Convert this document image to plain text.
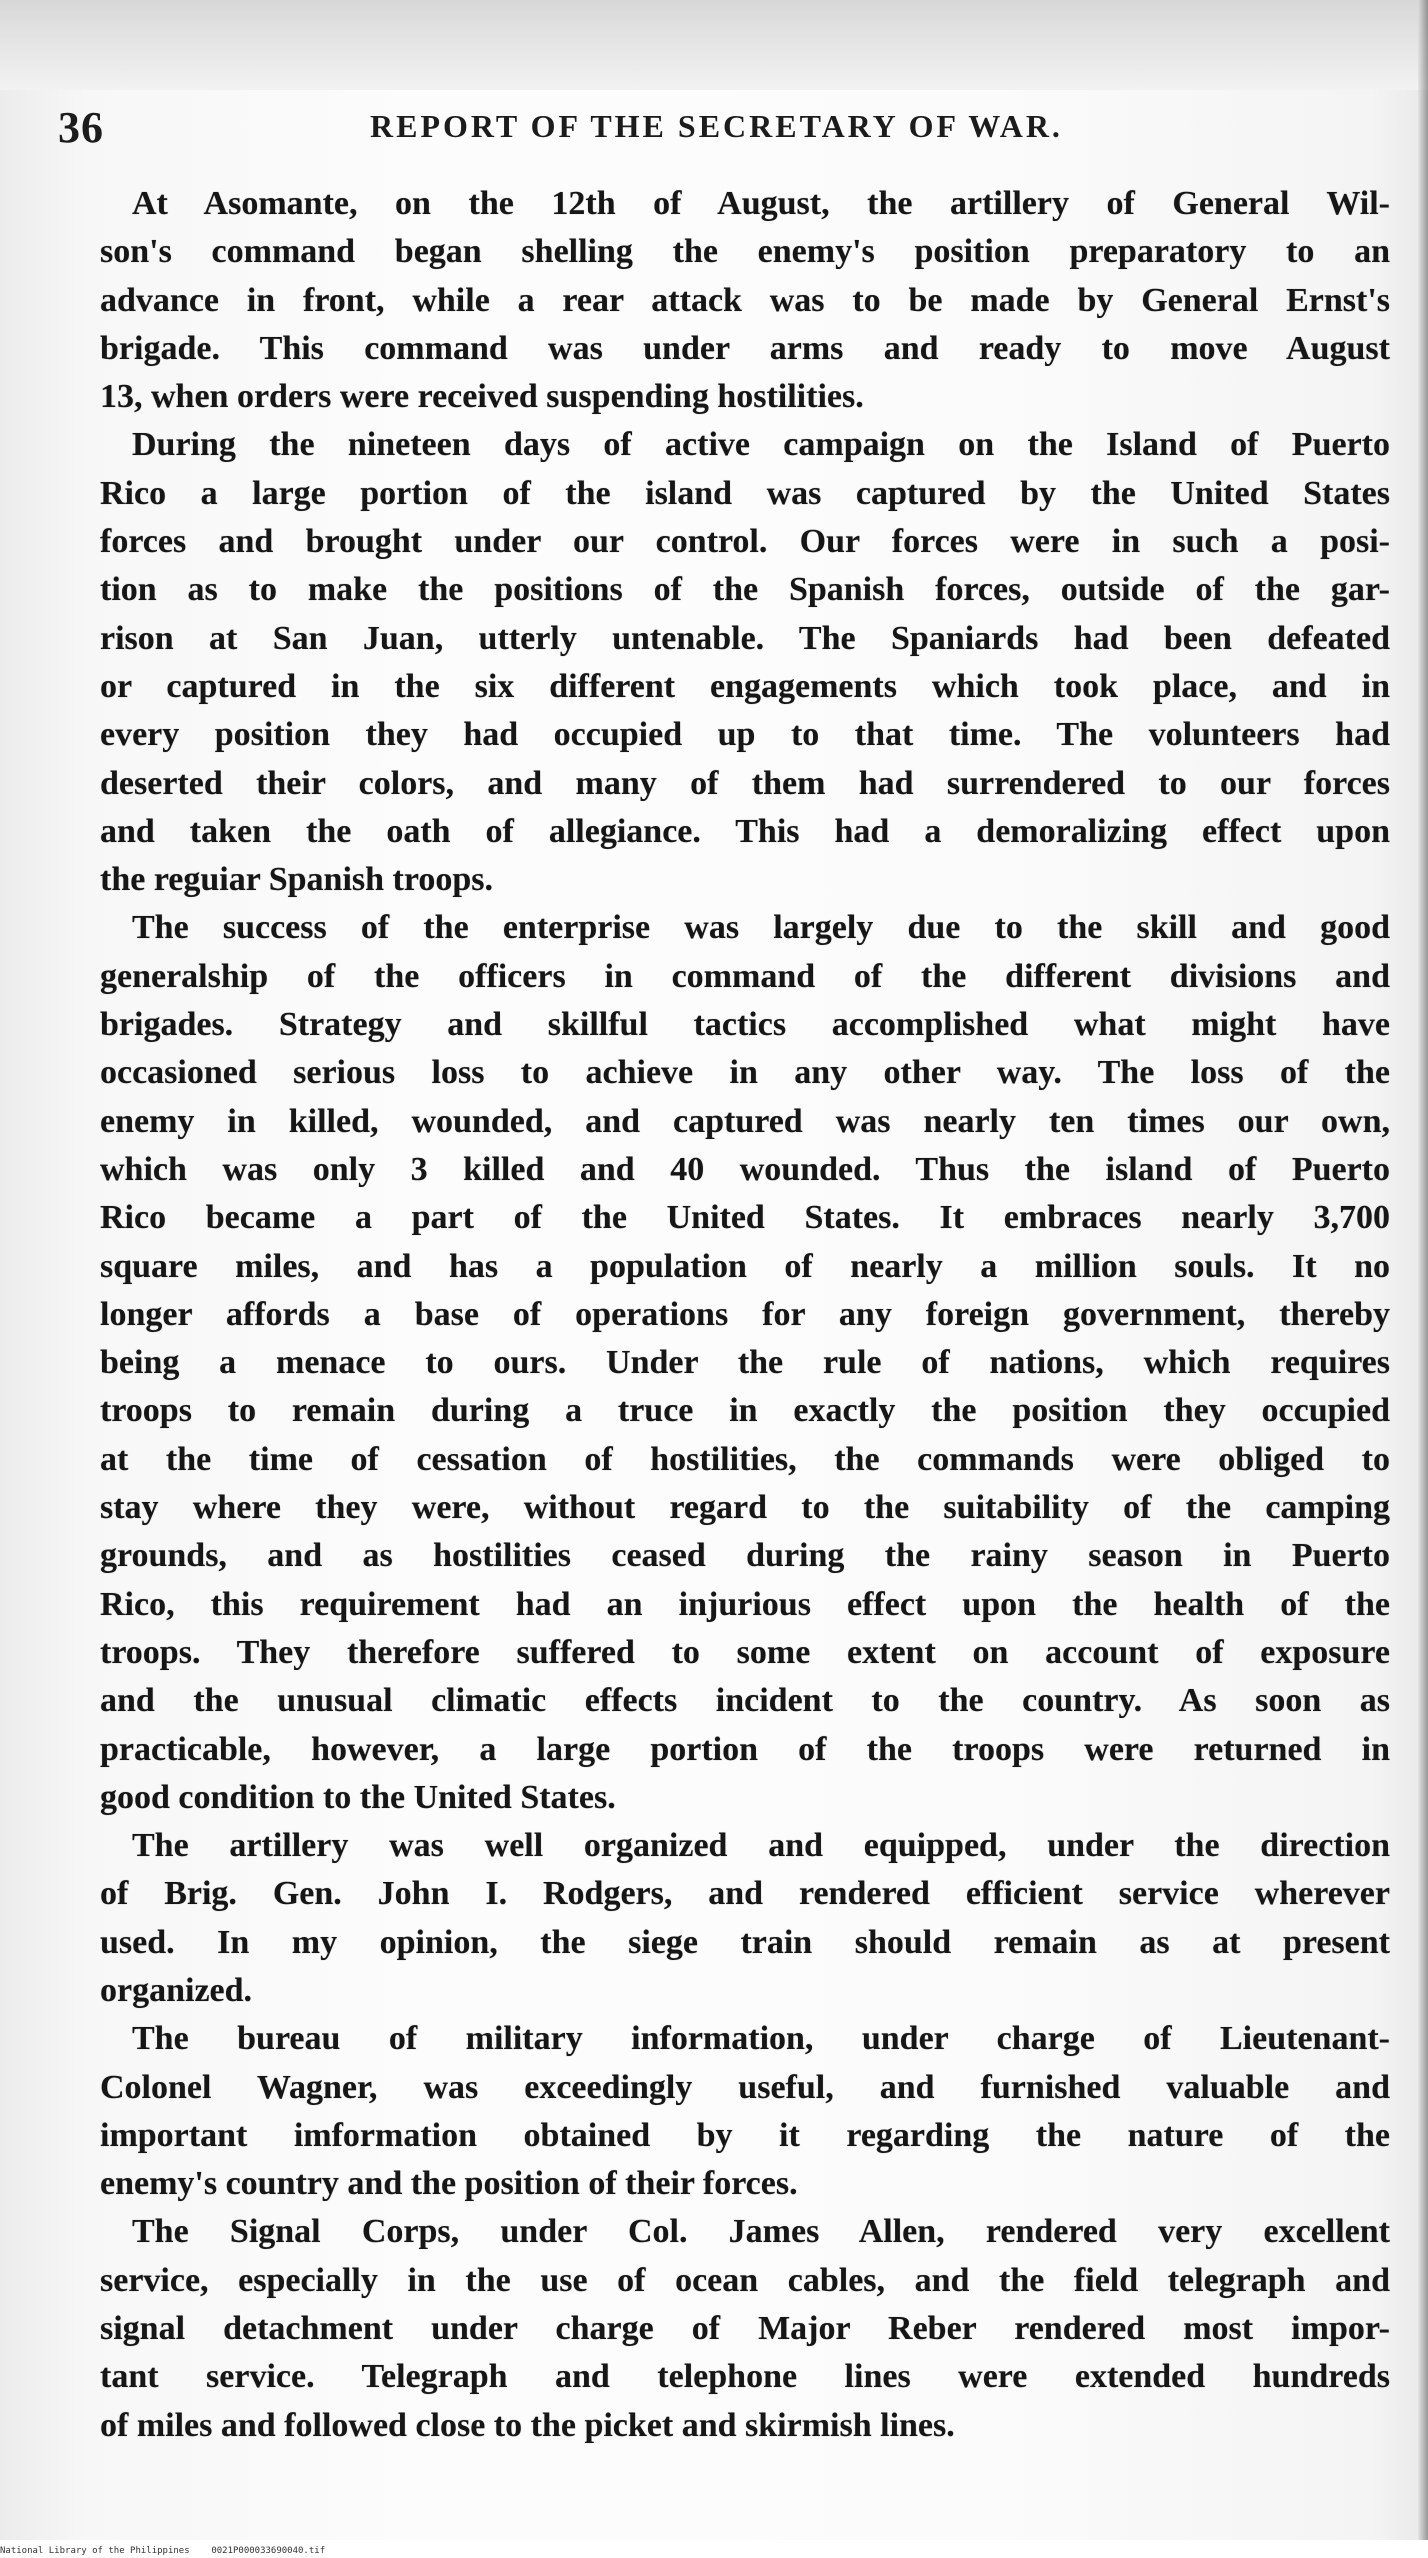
36	REPORT OF THE SECRETARY OF WAR.
At Asomante, on the 12th of August, the artillery of General Wil-
son's command began shelling the enemy's position preparatory to an
advance in front, while a rear attack was to be made by General Ernst's
brigade. This command was under arms and ready to move August
13, when orders were received suspending hostilities.
During the nineteen days of active campaign on the Island of Puerto
Rico a large portion of the island was captured by the United States
forces and brought under our control. Our forces were in such a posi-
tion as to make the positions of the Spanish forces, outside of the gar-
rison at San Juan, utterly untenable. The Spaniards had been defeated
or captured in the six different engagements which took place, and in
every position they had occupied up to that time. The volunteers had
deserted their colors, and many of them had surrendered to our forces
and taken the oath of allegiance. This had a demoralizing effect upon
the reguiar Spanish troops.
The success of the enterprise was largely due to the skill and good
generalship of the officers in command of the different divisions and
brigades. Strategy and skillful tactics accomplished what might have
occasioned serious loss to achieve in any other way. The loss of the
enemy in killed, wounded, and captured was nearly ten times our own,
which was only 3 killed and 40 wounded. Thus the island of Puerto
Rico became a part of the United States. It embraces nearly 3,700
square miles, and has a population of nearly a million souls. It no
longer affords a base of operations for any foreign government, thereby
being a menace to ours. Under the rule of nations, which requires
troops to remain during a truce in exactly the position they occupied
at the time of cessation of hostilities, the commands were obliged to
stay where they were, without regard to the suitability of the camping
grounds, and as hostilities ceased during the rainy season in Puerto
Rico, this requirement had an injurious effect upon the health of the
troops. They therefore suffered to some extent on account of exposure
and the unusual climatic effects incident to the country. As soon as
practicable, however, a large portion of the troops were returned in
good condition to the United States.
The artillery was well organized and equipped, under the direction
of Brig. Gen. John I. Rodgers, and rendered efficient service wherever
used. In my opinion, the siege train should remain as at present
organized.
The bureau of military information, under charge of Lieutenant-
Colonel Wagner, was exceedingly useful, and furnished valuable and
important imformation obtained by it regarding the nature of the
enemy's country and the position of their forces.
The Signal Corps, under Col. James Allen, rendered very excellent
service, especially in the use of ocean cables, and the field telegraph and
signal detachment under charge of Major Reber rendered most impor-
tant service. Telegraph and telephone lines were extended hundreds
of miles and followed close to the picket and skirmish lines.
National Library of the Philippines    0021P000033690040.tif
